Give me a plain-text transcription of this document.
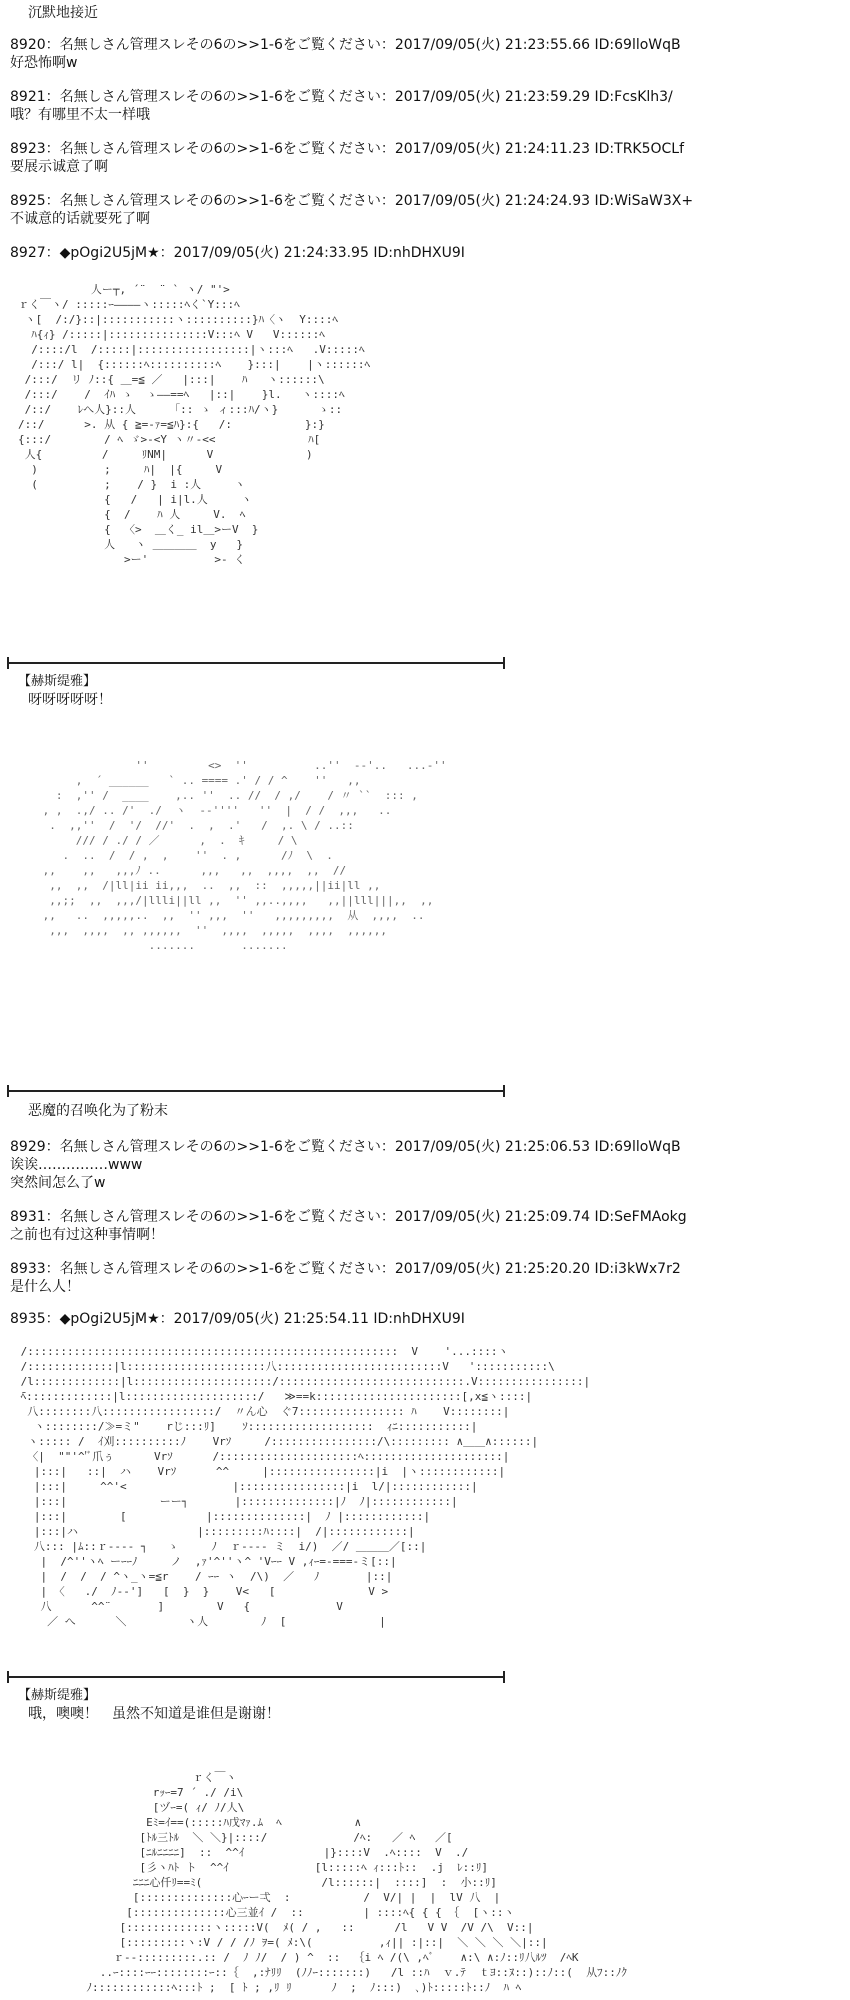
沉默地接近
8920：名無しさん管理スレその6の>>1-6をご覧ください：2017/09/05(火) 21:23:55.66 ID:69lloWqB
好恐怖啊w
8921：名無しさん管理スレその6の>>1-6をご覧ください：2017/09/05(火) 21:23:59.29 ID:FcsKlh3/
哦？有哪里不太一样哦
8923：名無しさん管理スレその6の>>1-6をご覧ください：2017/09/05(火) 21:24:11.23 ID:TRK5OCLf
要展示诚意了啊
8925：名無しさん管理スレその6の>>1-6をご覧ください：2017/09/05(火) 21:24:24.93 ID:WiSaW3X+
不诚意的话就要死了啊
8927：◆pOgi2U5jM★：2017/09/05(火) 21:24:33.95 ID:nhDHXU9I
人ー┬, ´¨  ¨ ` ヽ/ "'>
ｒく￣ヽ/ :::::ｰ――――ヽ:::::ﾍく`Y:::ﾍ
ヽ[  /:/}::|:::::::::::ヽ::::::::::}ﾊ〈ヽ  Y::::ﾍ
ﾊ{ｨ} /:::::|:::::::::::::::V:::ﾍ V   V::::::ﾍ
/::::/l  /:::::|:::::::::::::::::|ヽ:::ﾍ   .V:::::ﾍ
/:::/ l|  {::::::ﾍ::::::::::ﾍ    }:::|    |ヽ::::::ﾍ
/:::/  リ ﾉ::{ ＿=≦ ／   |:::|    ﾊ   ヽ::::::\
/:::/    /  ｲﾊ ゝ  ゝ――==ﾍ   |::|    }l.   ヽ::::ﾍ
/::/    ﾚへ人}::人     「:: ゝ ィ:::ﾊ/ヽ}      ゝ::
/::/      >. 从 { ≧=-ｧ=≦ﾊ}:{   /:           }:}
{:::/        / ﾍ ゞ>-<Y ヽ〃-<<              ﾊ[
人{         /     ﾘNM|      V              )
)          ;     ﾊ|  |{     V
(          ;    / }  i :人     ヽ
{   /   | i|l.人     ヽ
{  /    ﾊ 人     V.  ﾍ
{  〈>  ＿く_ il＿>ーV  }
人   ヽ ＿＿＿＿  y   }
>ー'          >- く
【赫斯缇雅】
呀呀呀呀呀！
''         <>  ''          ..''  -‐'..   ...-''
,  ´ ______   ` .. ==== .' / / ^    ''   ,,
:  ,'' /  ____    ,.. ''  .. //  / ,/    / 〃 ``  ::: ,
, ,  .,/ .. /'  ./  ヽ  --''''   ''  |  / /  ,,,   ..
.  ,,''  /  '/  //'  .  ,  .'   /  ,. \ / ..::
/// / ./ / ／      ,  .  ｷ     / \
.  ..  /  / ,  ,    ''  . ,      /ﾉ  \  .
,,    ,,   ,,,ﾉ ..      ,,,   ,,  ,,,,  ,,  //
,,  ,,  /|ll|ii ii,,,  ..  ,,  ::  ,,,,,||ii|ll ,,
,,;;  ,,  ,,,/|llli||ll ,,  '' ,,..,,,,   ,,||lll|||,,  ,,
,,   ..  ,,,,,..  ,,  '' ,,,  ''   ,,,,,,,,,  从  ,,,,  ..
,,,  ,,,,  ,, ,,,,,,  ''  ,,,,  ,,,,,  ,,,,  ,,,,,,
.......       .......
恶魔的召唤化为了粉末
8929：名無しさん管理スレその6の>>1-6をご覧ください：2017/09/05(火) 21:25:06.53 ID:69lloWqB
诶诶……………www
突然间怎么了w
8931：名無しさん管理スレその6の>>1-6をご覧ください：2017/09/05(火) 21:25:09.74 ID:SeFMAokg
之前也有过这种事情啊！
8933：名無しさん管理スレその6の>>1-6をご覧ください：2017/09/05(火) 21:25:20.20 ID:i3kWx7r2
是什么人！
8935：◆pOgi2U5jM★：2017/09/05(火) 21:25:54.11 ID:nhDHXU9I
/::::::::::::::::::::::::::::::::::::::::::::::::::::::::  V    '...::::ヽ
/:::::::::::::|l:::::::::::::::::::::八:::::::::::::::::::::::::V   ':::::::::::\
/l:::::::::::::|l:::::::::::::::::::::/::::::::::::::::::::::::::::.V::::::::::::::::|
̄ﾍ:::::::::::::|l::::::::::::::::::::/   ≫==k::::::::::::::::::::::[,x≦ヽ::::|
八::::::::八:::::::::::::::::/  〃ん心  ぐ7:::::::::::::::: ﾊ    V::::::::|
ヽ::::::::/≫=ミ"    rじ:::ﾘ]    ｿ:::::::::::::::::::  ｨﾆ:::::::::::|
ヽ::::: /  ｲ刈::::::::::ﾉ    Vrｿ     /::::::::::::::::/\::::::::: ∧＿＿∧::::::|
〈|  ""'^'ﾞ爪ぅ      Vrｿ      /:::::::::::::::::::::ﾍ:::::::::::::::::::::|
|:::|   ::|  ハ    Vrｿ      ^^     |::::::::::::::::|i  |ヽ::::::::::::|
|:::|     ^^'<                |::::::::::::::::|i  l/|::::::::::::|
|:::|              ーー┐       |::::::::::::::|ﾉ  ﾉ|::::::::::::|
|:::|        [            |::::::::::::::|  ﾉ |::::::::::::|
|:::|ハ                  |:::::::::ﾊ::::|  /|::::::::::::|
八::: |ﾑ::ｒ‐‐‐- ┐   ゝ     ﾉ  ｒ‐‐‐- ミ  i/)  ／/ ＿＿＿／[::|
|  /^''ヽﾍ ーｰｰﾉ     ノ  ,ｧ'^''ヽ^ 'Vｰｰ V ,ｨｰ=-===-ミ[::|
|  /  /  / ^ヽ_ヽ=≦r    / ｰｰ ヽ  /\)  ／   ﾉ       |::|
| 〈   ./  ﾉ--']   [  }  }    V<   [              V >
八      ^^¨       ]        V   {             V
／ へ      ＼         ヽ人        ﾉ  [              |
【赫斯缇雅】
哦，噢噢！　虽然不知道是谁但是谢谢！
ｒく￣ヽ
rｯｰ=7 ´ ./ /i\
[ヅｰ=( ｨ/ ﾉ/人\
Eﾐ=ｲ==(:::::ﾊ戊ﾏｧ.ﾑ  ﾍ           ∧
[ﾄﾙ三ﾄﾙ  ＼ ＼}|::::/             /ﾍ:   ／ ﾍ   ／[
[ﾆﾙﾆﾆﾆﾆ]  ::  ^^ｲ            |}::::V  .ﾍ::::  V  ./
[彡ヽﾊﾄ ト  ^^ｲ             [l:::::ﾍ ｨ:::ﾄ::  .j  ﾚ::ﾘ]
ﾆﾆﾆ心仟ﾘ==ﾐ(                  /l::::::|  ::::]  :  小::ﾘ]
[::::::::::::::心ｰー弌  :           /  V/| |  |  lV 八  |
[::::::::::::::心三並ｲ /  ::         | ::::ﾍ{ { { ｛  [ヽ::ヽ
[:::::::::::::ヽ:::::V(  ﾒ( / ,   ::      /l   V V  /V /\  V::|
[:::::::::ヽ:V / / /ﾉ ｦ=( ﾒ:\(          ,ｨ|| :|::|  ＼ ＼ ＼ ＼|::|
ｒ--:::::::::.:: /  ﾉ ﾉ/  / ) ^  ::  ｛i ﾍ /(\ ,ﾍﾞ    ∧:\ ∧:ﾉ::ﾘ八ﾙﾂ  /ﾍK
..ｰ::::ｰｰ::::::::ｰ::｛  ,:ﾅﾘﾘ  (ﾉﾉｰ:::::::)   /l ::ﾊ  ｖ.ﾃ  ｔﾖ::ﾇ::)::ﾉ::(  从ﾌ::ﾉｸ
ﾉ::::::::::::ﾍ:::ﾄ ;  [ ﾄ ; ,ﾘ ﾘ      ﾉ  ;  ﾉ:::)  ､)ﾄ:::::ﾄ::ﾉ  ﾊ ﾍ
